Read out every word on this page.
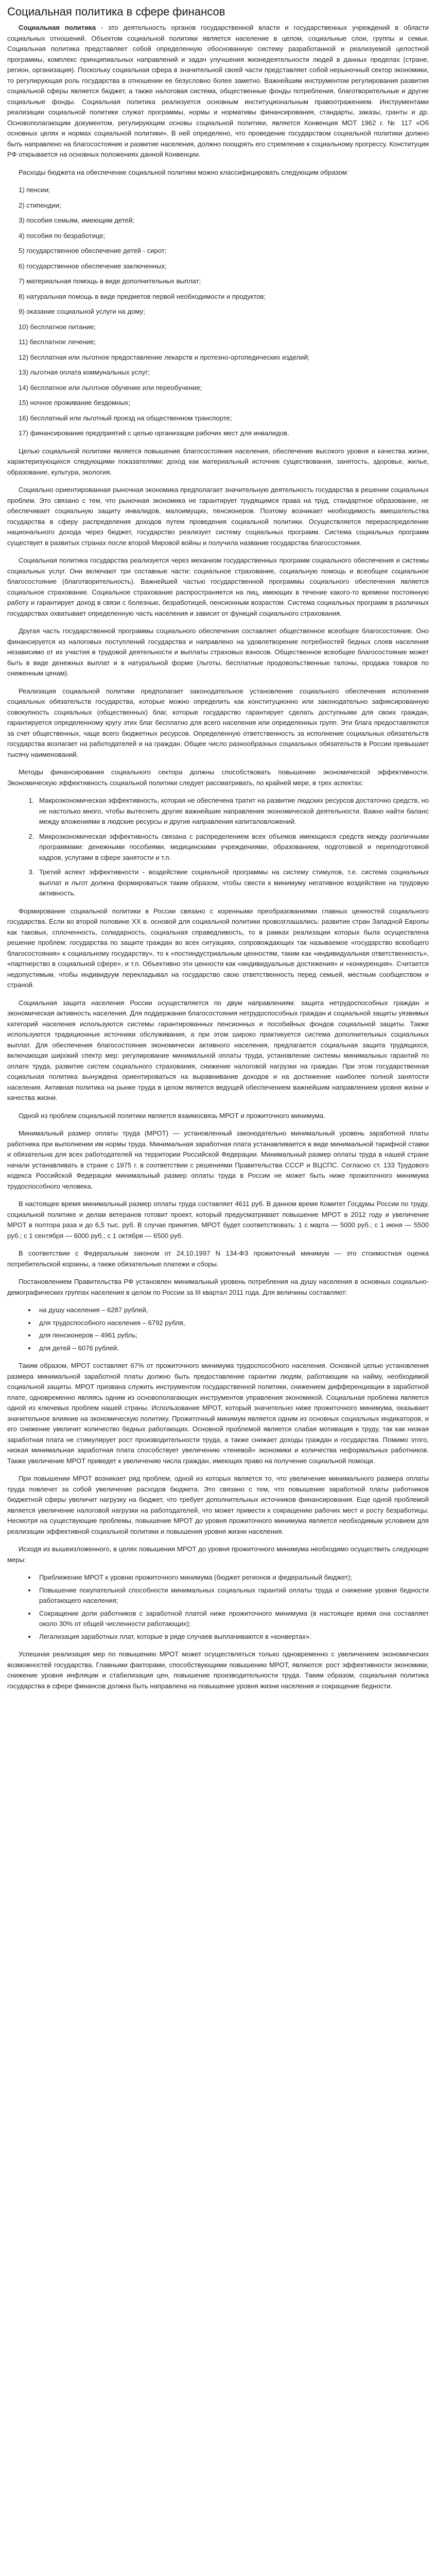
Социальная политика в сфере финансов

Социальная политика - это деятельность органов государственной власти и государственных учреждений в области социальных отношений. Объектом социальной политики является население в целом, социальные слои, группы и семьи. Социальная политика представляет собой определенную обоснованную систему разработанной и реализуемой целостной программы, комплекс принципиальных направлений и задач улучшения жизнедеятельности людей в данных пределах (стране, регион, организация). Поскольку социальная сфера в значительной своей части представляет собой нерыночный сектор экономики, то регулирующая роль государства в отношении ее безусловно более заметно. Важнейшим инструментом регулирования развития социальной сферы является бюджет, а также налоговая система, общественные фонды потребления, благотворительные и другие социальные фонды. Социальная политика реализуется основным институциональным правоотражением. Инструментами реализации социальной политики служат программы, нормы и нормативы финансирования, стандарты, заказы, гранты и др. Основополагающим документом, регулирующим основы социальной политики, является Конвенция МОТ 1962 г. № 117 «Об основных целях и нормах социальной политики». В ней определено, что проведение государством социальной политики должно быть направлено на благосостояние и развитие населения, должно поощрять его стремление к социальному прогрессу. Конституция РФ открывается на основных положениях данной Конвенции.

Расходы бюджета на обеспечение социальной политики можно классифицировать следующим образом:

1) пенсии;
2) стипендии;
3) пособия семьям, имеющим детей;
4) пособия по безработице;
5) государственное обеспечение детей - сирот;
6) государственное обеспечение заключенных;
7) материальная помощь в виде дополнительных выплат;
8) натуральная помощь в виде предметов первой необходимости и продуктов;
9) оказание социальной услуги на дому;
10) бесплатное питание;
11) бесплатное лечение;
12) бесплатная или льготное предоставление лекарств и протезно-ортопедических изделий;
13) льготная оплата коммунальных услуг;
14) бесплатное или льготное обучение или переобучение;
15) ночное проживание бездомных;
16) бесплатный или льготный проезд на общественном транспорте;
17) финансирование предприятий с целью организации рабочих мест для инвалидов.

Целью социальной политики является повышение благосостояния населения, обеспечение высокого уровня и качества жизни, характеризующихся следующими показателями: доход как материальный источник существования, занятость, здоровье, жилье, образование, культура, экология.

Социально ориентированная рыночная экономика предполагает значительную деятельность государства в решении социальных проблем. Это связано с тем, что рыночная экономика не гарантирует трудящимся права на труд, стандартное образование, не обеспечивает социальную защиту инвалидов, малоимущих, пенсионеров. Поэтому возникает необходимость вмешательства государства в сферу распределения доходов путем проведения социальной политики. Осуществляется перераспределение национального дохода через бюджет, государство реализует систему социальных программ. Система социальных программ существует в развитых странах после второй Мировой войны и получила название государства благосостояния.

Социальная политика государства реализуется через механизм государственных программ социального обеспечения и системы социальных услуг. Они включают три составные части: социальное страхование, социальную помощь и всеобщее социальное благосостояние (благотворительность). Важнейшей частью государственной программы социального обеспечения является социальное страхование. Социальное страхование распространяется на лиц, имеющих в течение какого-то времени постоянную работу и гарантирует доход в связи с болезнью, безработицей, пенсионным возрастом. Система социальных программ в различных государствах охватывает определенную часть населения и зависит от функций социального страхования.

Другая часть государственной программы социального обеспечения составляет общественное всеобщее благосостояние. Оно финансируется из налоговых поступлений государства и направлено на удовлетворение потребностей бедных слоев населения независимо от их участия в трудовой деятельности и выплаты страховых взносов. Общественное всеобщее благосостояние может быть в виде денежных выплат и в натуральной форме (льготы, бесплатные продовольственные талоны, продажа товаров по сниженным ценам).

Реализация социальной политики предполагает законодательное установление социального обеспечения исполнения социальных обязательств государства, которые можно определить как конституционно или законодательно зафиксированную совокупность социальных (общественных) благ, которые государство гарантирует сделать доступными для своих граждан, гарантируется определенному кругу этих благ бесплатно для всего населения или определенных групп. Эти блага предоставляются за счет общественных, чаще всего бюджетных ресурсов. Определенную ответственность за исполнение социальных обязательств государства возлагает на работодателей и на граждан. Общее число разнообразных социальных обязательств в России превышает тысячу наименований.

Методы финансирования социального сектора должны способствовать повышению экономической эффективности. Экономическую эффективность социальной политики следует рассматривать, по крайней мере, в трех аспектах:

1. Макроэкономическая эффективность, которая не обеспечена тратит на развитие людских ресурсов достаточно средств, но не настолько много, чтобы вытеснить другие важнейшие направления экономической деятельности. Важно найти баланс между вложениями в людские ресурсы и другие направления капиталовложений.
2. Микроэкономическая эффективность связана с распределением всех объемов имеющихся средств между различными программами: денежными пособиями, медицинскими учреждениями, образованием, подготовкой и переподготовкой кадров, услугами в сфере занятости и т.п.
3. Третий аспект эффективности - воздействие социальной программы на систему стимулов, т.е. система социальных выплат и льгот должна формироваться таким образом, чтобы свести к минимуму негативное воздействие на трудовую активность.

Формирование социальной политики в России связано с коренными преобразованиями главных ценностей социального государства. Если во второй половине XX в. основой для социальной политики провозглашались: развитие стран Западной Европы как таковых, сплоченность, солидарность, социальная справедливость, то в рамках реализации которых была осуществлена решение проблем: государства по защите граждан во всех ситуациях, сопровождающих так называемое «государство всеобщего благосостояния» к социальному государству», то к «постиндустриальным ценностям, таким как «индивидуальная ответственность», «партнерство в социальной сфере», и т.п. Объективно эти ценности как «индивидуальные достижения» и «конкуренция». Считается недопустимым, чтобы индивидуум перекладывал на государство свою ответственность перед семьей, местным сообществом и страной.

Социальная защита населения России осуществляется по двум направлениям: защита нетрудоспособных граждан и экономическая активность населения. Для поддержания благосостояния нетрудоспособных граждан и социальной защиты уязвимых категорий населения используются системы гарантированных пенсионных и пособийных фондов социальной защиты. Также используются традиционные источники обслуживания, а при этом широко практикуется система дополнительных социальных выплат. Для обеспечения благосостояния экономически активного населения, предлагается социальная защита трудящихся, включающая широкий спектр мер: регулирование минимальной оплаты труда, установление системы минимальных гарантий по оплате труда, развитие систем социального страхования, снижение налоговой нагрузки на граждан. При этом государственная социальная политика вынуждена ориентироваться на выравнивание доходов и на достижение наиболее полной занятости населения. Активная политика на рынке труда в целом является ведущей обеспечением важнейшим направлением уровня жизни и качества жизни.

Одной из проблем социальной политики является взаимосвязь МРОТ и прожиточного минимума.

Минимальный размер оплаты труда (МРОТ) — установленный законодательно минимальный уровень заработной платы работника при выполнении им нормы труда. Минимальная заработная плата устанавливается в виде минимальной тарифной ставки и обязательна для всех работодателей на территории Российской Федерации. Минимальный размер оплаты труда в нашей стране начали устанавливать в стране с 1975 г. в соответствии с решениями Правительства СССР и ВЦСПС. Согласно ст. 133 Трудового кодекса Российской Федерации минимальный размер оплаты труда в России не может быть ниже прожиточного минимума трудоспособного человека.

В настоящее время минимальный размер оплаты труда составляет 4611 руб. В данном время Комитет Госдумы России по труду, социальной политике и делам ветеранов готовит проект, который предусматривает повышение МРОТ в 2012 году и увеличение МРОТ в полтора раза и до 6,5 тыс. руб. В случае принятия, МРОТ будет соответствовать: 1 с марта — 5000 руб.; с 1 июня — 5500 руб.; с 1 сентября — 6000 руб.; с 1 октября — 6500 руб.

В соответствии с Федеральным законом от 24.10.1997 N 134-ФЗ прожиточный минимум — это стоимостная оценка потребительской корзины, а также обязательные платежи и сборы.

Постановлением Правительства РФ установлен минимальный уровень потребления на душу населения в основных социально-демографических группах населения в целом по России за III квартал 2011 года. Для величины составляют:

• на душу населения – 6287 рублей,
• для трудоспособного населения – 6792 рубля,
• для пенсионеров – 4961 рубль;
• для детей – 6076 рублей.

Таким образом, МРОТ составляет 67% от прожиточного минимума трудоспособного населения. Основной целью установления размера минимальной заработной платы должно быть предоставление гарантии людям, работающим на найму, необходимой социальной защиты. МРОТ призвана служить инструментом государственной политики, снижением дифференциации в заработной плате, одновременно являясь одним из основополагающих инструментов управления экономикой. Социальная проблема является одной из ключевых проблем нашей страны. Использование МРОТ, который значительно ниже прожиточного минимума, оказывает значительное влияние на экономическую политику. Прожиточный минимум является одним из основных социальных индикаторов, и его снижение увеличит количество бедных работающих. Основной проблемой является слабая мотивация к труду, так как низкая заработная плата не стимулирует рост производительности труда, а также снижает доходы граждан и государства. Помимо этого, низкая минимальная заработная плата способствует увеличению «теневой» экономики и количества неформальных работников. Также увеличение МРОТ приведет к увеличению числа граждан, имеющих право на получение социальной помощи.

При повышении МРОТ возникает ряд проблем, одной из которых является то, что увеличение минимального размера оплаты труда повлечет за собой увеличение расходов бюджета. Это связано с тем, что повышение заработной платы работников бюджетной сферы увеличит нагрузку на бюджет, что требует дополнительных источников финансирования. Еще одной проблемой является увеличение налоговой нагрузки на работодателей, что может привести к сокращению рабочих мест и росту безработицы. Несмотря на существующие проблемы, повышение МРОТ до уровня прожиточного минимума является необходимым условием для реализации эффективной социальной политики и повышения уровня жизни населения.

Исходя из вышеизложенного, в целях повышения МРОТ до уровня прожиточного минимума необходимо осуществить следующие меры:

• Приближение МРОТ к уровню прожиточного минимума (бюджет регионов и федеральный бюджет);
• Повышение покупательной способности минимальных социальных гарантий оплаты труда и снижение уровня бедности работающего населения;
• Сокращение доли работников с заработной платой ниже прожиточного минимума (в настоящее время она составляет около 30% от общей численности работающих);
• Легализация заработных плат, которые в ряде случаев выплачиваются в «конвертах».

Успешная реализация мер по повышению МРОТ может осуществляться только одновременно с увеличением экономических возможностей государства. Главными факторами, способствующими повышению МРОТ, являются: рост эффективности экономики, снижение уровня инфляции и стабилизация цен, повышение производительности труда. Таким образом, социальная политика государства в сфере финансов должна быть направлена на повышение уровня жизни населения и сокращение бедности.
